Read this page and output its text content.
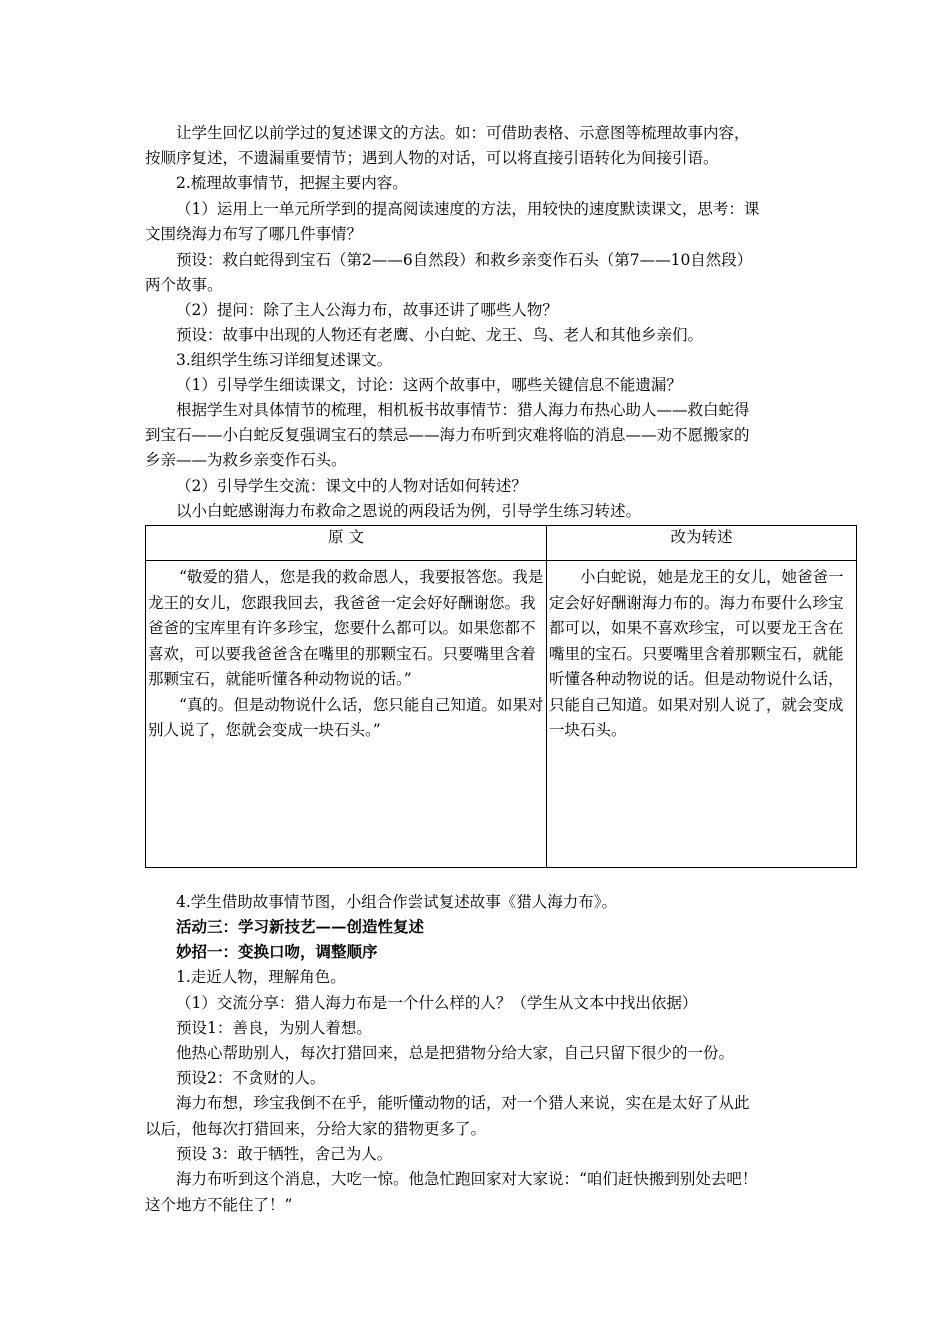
让学生回忆以前学过的复述课文的方法。如：可借助表格、示意图等梳理故事内容，
按顺序复述，不遗漏重要情节；遇到人物的对话，可以将直接引语转化为间接引语。
2.梳理故事情节，把握主要内容。
（1）运用上一单元所学到的提高阅读速度的方法，用较快的速度默读课文，思考：课
文围绕海力布写了哪几件事情？
预设：救白蛇得到宝石（第2——6自然段）和救乡亲变作石头（第7——10自然段）
两个故事。
（2）提问：除了主人公海力布，故事还讲了哪些人物？
预设：故事中出现的人物还有老鹰、小白蛇、龙王、鸟、老人和其他乡亲们。
3.组织学生练习详细复述课文。
（1）引导学生细读课文，讨论：这两个故事中，哪些关键信息不能遗漏？
根据学生对具体情节的梳理，相机板书故事情节：猎人海力布热心助人——救白蛇得
到宝石——小白蛇反复强调宝石的禁忌——海力布听到灾难将临的消息——劝不愿搬家的
乡亲——为救乡亲变作石头。
（2）引导学生交流：课文中的人物对话如何转述？
以小白蛇感谢海力布救命之恩说的两段话为例，引导学生练习转述。
原 文	改为转述

“敬爱的猎人，您是我的救命恩人，我要报答您。我是龙王的女儿，您跟我回去，我爸爸一定会好好酬谢您。我爸爸的宝库里有许多珍宝，您要什么都可以。如果您都不喜欢，可以要我爸爸含在嘴里的那颗宝石。只要嘴里含着那颗宝石，就能听懂各种动物说的话。”

“真的。但是动物说什么话，您只能自己知道。如果对别人说了，您就会变成一块石头。”	小白蛇说，她是龙王的女儿，她爸爸一定会好好酬谢海力布的。海力布要什么珍宝都可以，如果不喜欢珍宝，可以要龙王含在嘴里的宝石。只要嘴里含着那颗宝石，就能听懂各种动物说的话。但是动物说什么话，只能自己知道。如果对别人说了，就会变成一块石头。

4.学生借助故事情节图，小组合作尝试复述故事《猎人海力布》。
活动三：学习新技艺——创造性复述
妙招一：变换口吻，调整顺序
1.走近人物，理解角色。
（1）交流分享：猎人海力布是一个什么样的人？（学生从文本中找出依据）
预设1：善良，为别人着想。
他热心帮助别人，每次打猎回来，总是把猎物分给大家，自己只留下很少的一份。
预设2：不贪财的人。
海力布想，珍宝我倒不在乎，能听懂动物的话，对一个猎人来说，实在是太好了从此
以后，他每次打猎回来，分给大家的猎物更多了。
预设 3：敢于牺牲，舍己为人。
海力布听到这个消息，大吃一惊。他急忙跑回家对大家说：“咱们赶快搬到别处去吧！
这个地方不能住了！”
